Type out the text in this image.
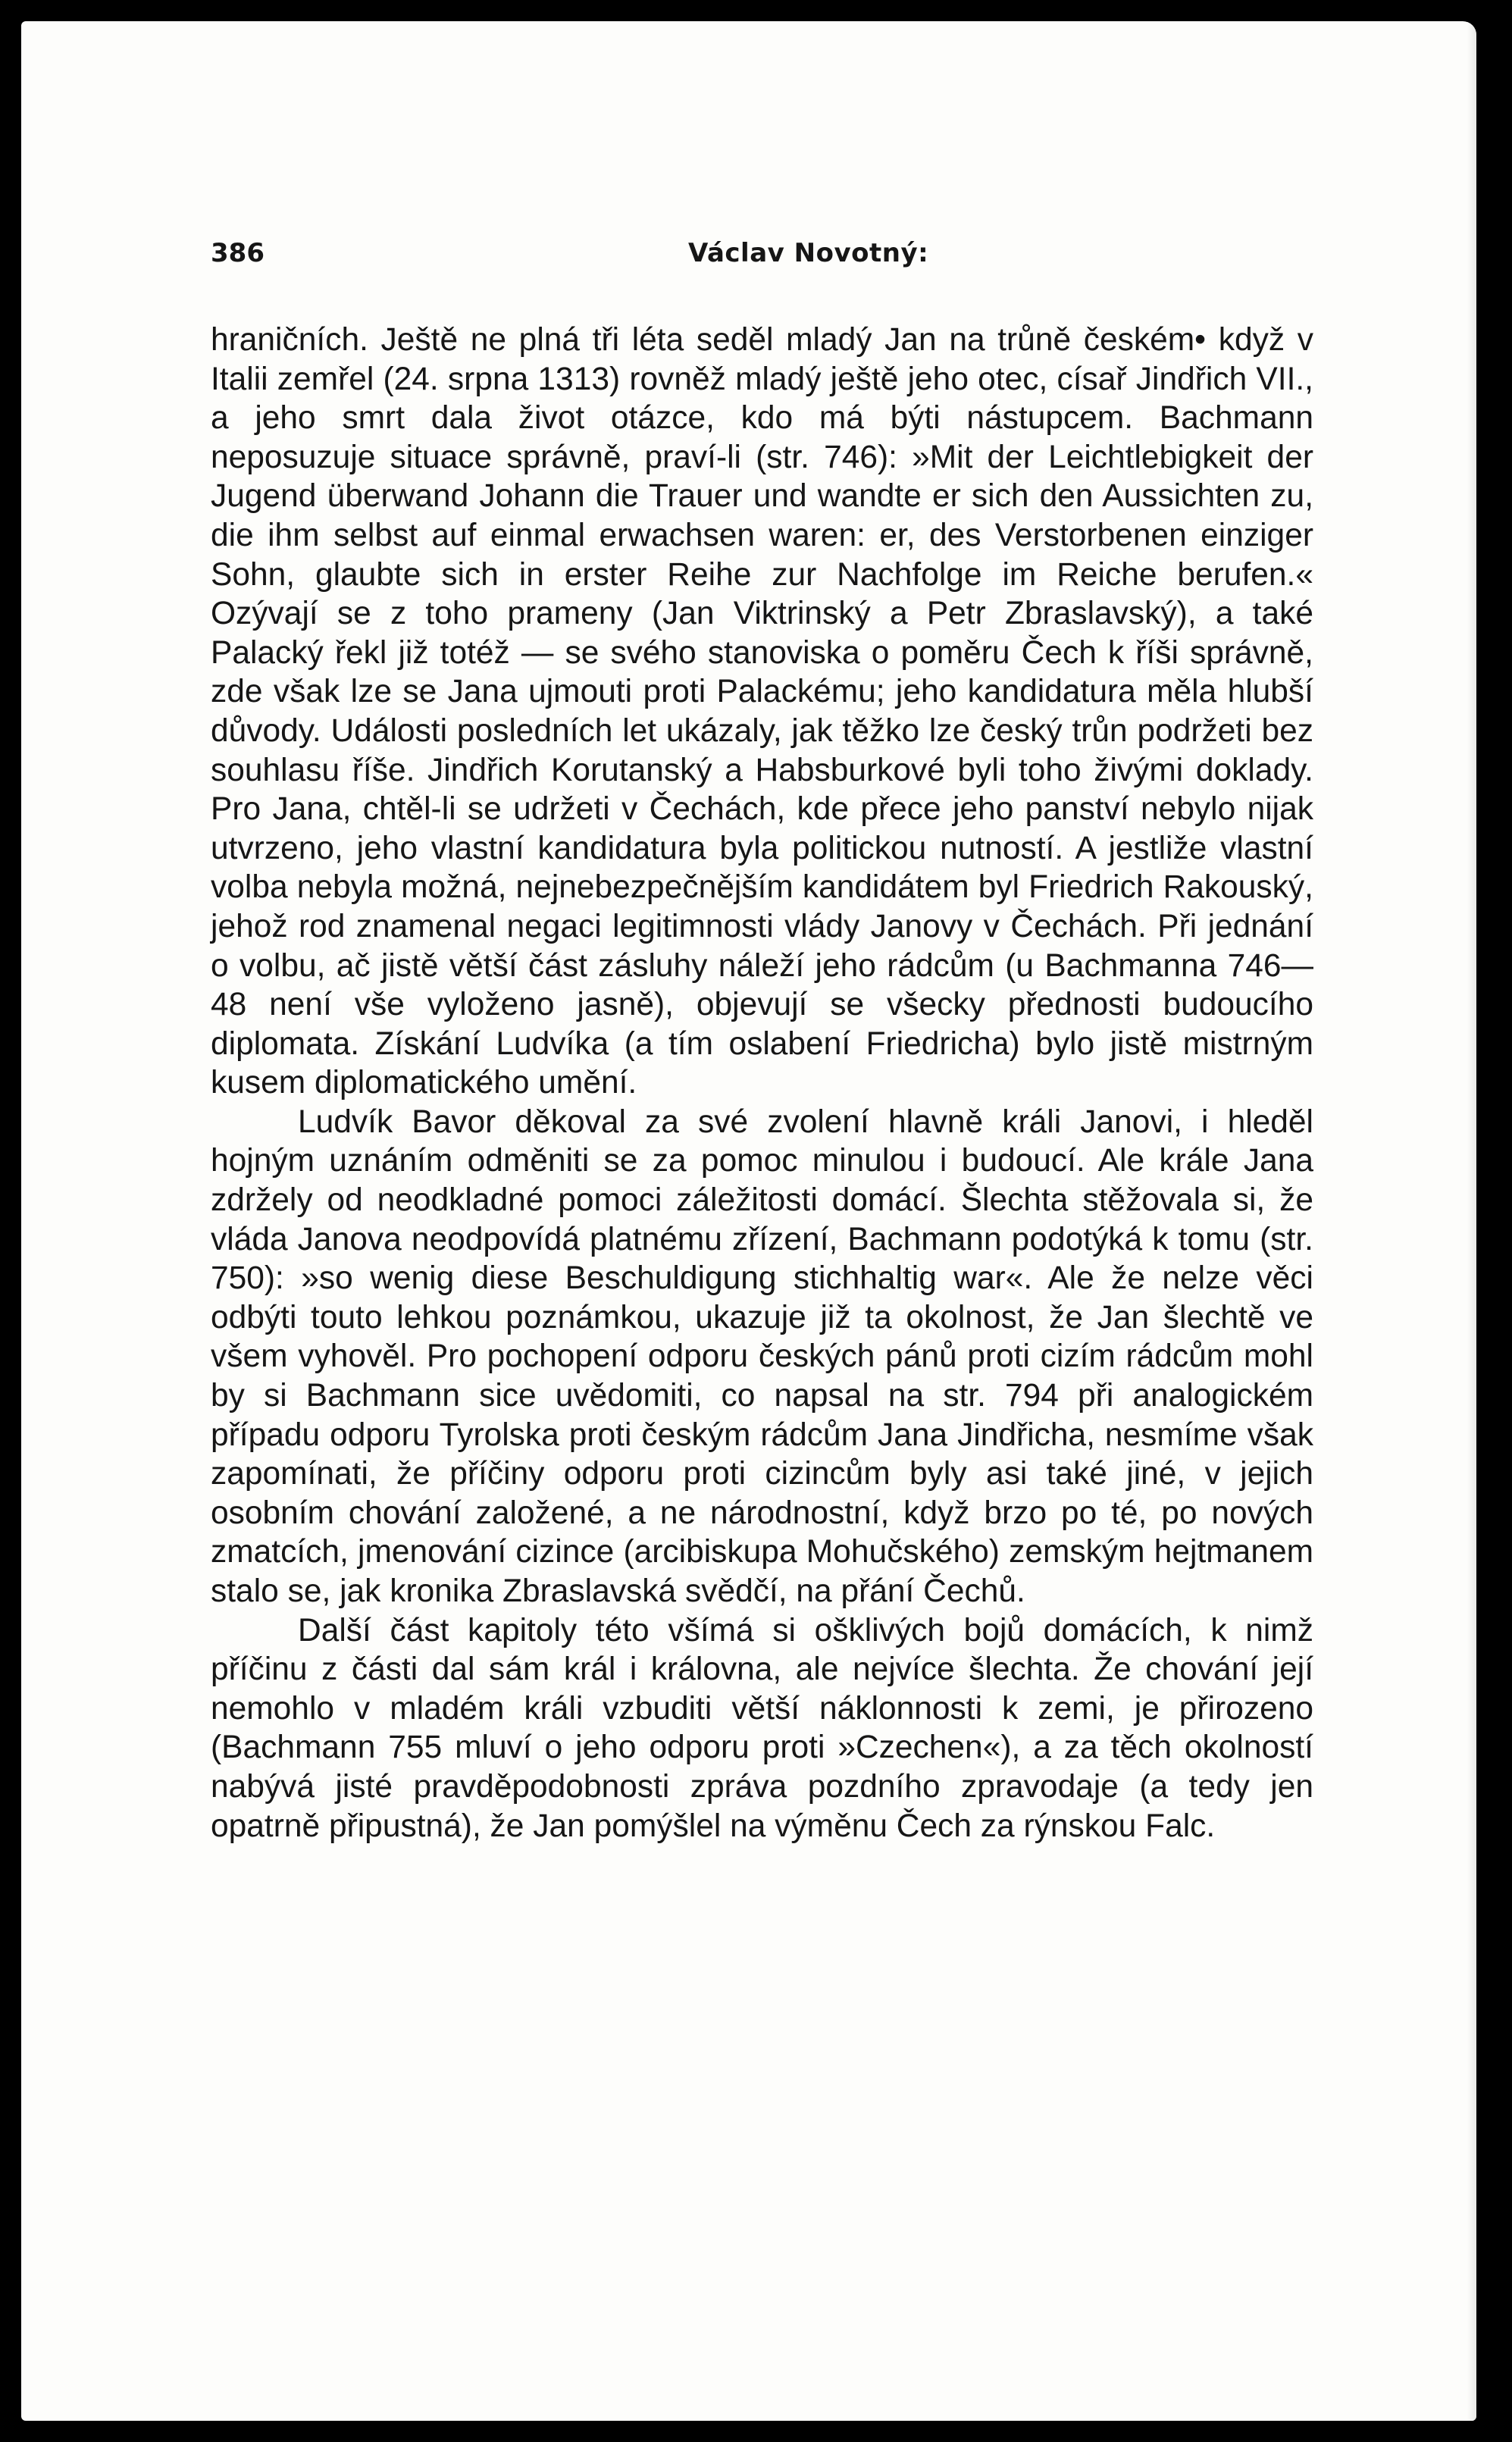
386	Václav Novotný:

hraničních. Ještě ne plná tři léta seděl mladý Jan na trůně českém• když v Italii zemřel (24. srpna 1313) rovněž mladý ještě jeho otec, císař Jindřich VII., a jeho smrt dala život otázce, kdo má býti nástupcem. Bachmann neposuzuje situace správně, praví-li (str. 746): »Mit der Leichtlebigkeit der Jugend überwand Johann die Trauer und wandte er sich den Aussichten zu, die ihm selbst auf einmal erwachsen waren: er, des Verstorbenen einziger Sohn, glaubte sich in erster Reihe zur Nachfolge im Reiche berufen.« Ozývají se z toho prameny (Jan Viktrinský a Petr Zbraslavský), a také Palacký řekl již totéž — se svého stanoviska o poměru Čech k říši správně, zde však lze se Jana ujmouti proti Palackému; jeho kandidatura měla hlubší důvody. Události posledních let ukázaly, jak těžko lze český trůn podržeti bez souhlasu říše. Jindřich Korutanský a Habsburkové byli toho živými doklady. Pro Jana, chtěl-li se udržeti v Čechách, kde přece jeho panství nebylo nijak utvrzeno, jeho vlastní kandidatura byla politickou nutností. A jestliže vlastní volba nebyla možná, nejnebezpečnějším kandidátem byl Friedrich Rakouský, jehož rod znamenal negaci legitimnosti vlády Janovy v Čechách. Při jednání o volbu, ač jistě větší část zásluhy náleží jeho rádcům (u Bachmanna 746—48 není vše vyloženo jasně), objevují se všecky přednosti budoucího diplomata. Získání Ludvíka (a tím oslabení Friedricha) bylo jistě mistrným kusem diplomatického umění.

Ludvík Bavor děkoval za své zvolení hlavně králi Janovi, i hleděl hojným uznáním odměniti se za pomoc minulou i budoucí. Ale krále Jana zdržely od neodkladné pomoci záležitosti domácí. Šlechta stěžovala si, že vláda Janova neodpovídá platnému zřízení, Bachmann podotýká k tomu (str. 750): »so wenig diese Beschuldigung stichhaltig war«. Ale že nelze věci odbýti touto lehkou poznámkou, ukazuje již ta okolnost, že Jan šlechtě ve všem vyhověl. Pro pochopení odporu českých pánů proti cizím rádcům mohl by si Bachmann sice uvědomiti, co napsal na str. 794 při analogickém případu odporu Tyrolska proti českým rádcům Jana Jindřicha, nesmíme však zapomínati, že příčiny odporu proti cizincům byly asi také jiné, v jejich osobním chování založené, a ne národnostní, když brzo po té, po nových zmatcích, jmenování cizince (arcibiskupa Mohučského) zemským hejtmanem stalo se, jak kronika Zbraslavská svědčí, na přání Čechů.

Další část kapitoly této všímá si ošklivých bojů domácích, k nimž příčinu z části dal sám král i královna, ale nejvíce šlechta. Že chování její nemohlo v mladém králi vzbuditi větší náklonnosti k zemi, je přirozeno (Bachmann 755 mluví o jeho odporu proti »Czechen«), a za těch okolností nabývá jisté pravděpodobnosti zpráva pozdního zpravodaje (a tedy jen opatrně připustná), že Jan pomýšlel na výměnu Čech za rýnskou Falc.
